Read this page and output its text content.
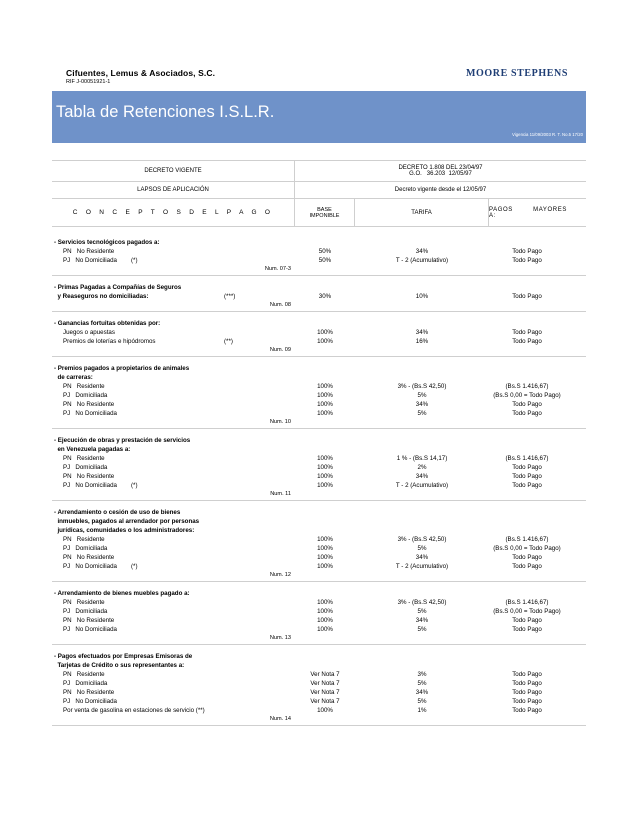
Cifuentes, Lemus & Asociados, S.C.
RIF J-00051921-1
MOORE STEPHENS
Tabla de Retenciones I.S.L.R.
Vigencia 11/09/2003 R. T. No.5 17/20
DECRETO VIGENTE	DECRETO 1.808 DEL 23/04/97
G.O.   36.203  12/05/97
LAPSOS DE APLICACIÓN	Decreto vigente desde el 12/05/97
C O N C E P T O S D E L P A G O	BASE
IMPONIBLE	TARIFA	PAGOS MAYORES A:
- Servicios tecnológicos pagados a:
PN   No Residente	50%	34%	Todo Pago
PJ   No Domiciliada (*)	50%	T - 2 (Acumulativo)	Todo Pago
Num. 07-3
- Primas Pagadas a Compañías de Seguros
y Reaseguros no domiciliadas:	(***)	30%	10%	Todo Pago
Num. 08
- Ganancias fortuitas obtenidas por:
Juegos o apuestas	100%	34%	Todo Pago
Premios de loterías e hipódromos	(**)	100%	16%	Todo Pago
Num. 09
- Premios pagados a propietarios de animales
de carreras:
PN   Residente	100%	3% - (Bs.S 42,50)	(Bs.S 1.416,67)
PJ   Domiciliada	100%	5%	(Bs.S 0,00 = Todo Pago)
PN   No Residente	100%	34%	Todo Pago
PJ   No Domiciliada	100%	5%	Todo Pago
Num. 10
- Ejecución de obras y prestación de servicios
en Venezuela pagadas a:
PN   Residente	100%	1 % - (Bs.S 14,17)	(Bs.S 1.416,67)
PJ   Domiciliada	100%	2%	Todo Pago
PN   No Residente	100%	34%	Todo Pago
PJ   No Domiciliada (*)	100%	T - 2 (Acumulativo)	Todo Pago
Num. 11
- Arrendamiento o cesión de uso de bienes
inmuebles, pagados al arrendador por personas
jurídicas, comunidades o los administradores:
PN   Residente	100%	3% - (Bs.S 42,50)	(Bs.S 1.416,67)
PJ   Domiciliada	100%	5%	(Bs.S 0,00 = Todo Pago)
PN   No Residente	100%	34%	Todo Pago
PJ   No Domiciliada (*)	100%	T - 2 (Acumulativo)	Todo Pago
Num. 12
- Arrendamiento de bienes muebles pagado a:
PN   Residente	100%	3% - (Bs.S 42,50)	(Bs.S 1.416,67)
PJ   Domiciliada	100%	5%	(Bs.S 0,00 = Todo Pago)
PN   No Residente	100%	34%	Todo Pago
PJ   No Domiciliada	100%	5%	Todo Pago
Num. 13
- Pagos efectuados por Empresas Emisoras de
Tarjetas de Crédito o sus representantes a:
PN   Residente	Ver Nota 7	3%	Todo Pago
PJ   Domiciliada	Ver Nota 7	5%	Todo Pago
PN   No Residente	Ver Nota 7	34%	Todo Pago
PJ   No Domiciliada	Ver Nota 7	5%	Todo Pago
Por venta de gasolina en estaciones de servicio (**)	100%	1%	Todo Pago
Num. 14
